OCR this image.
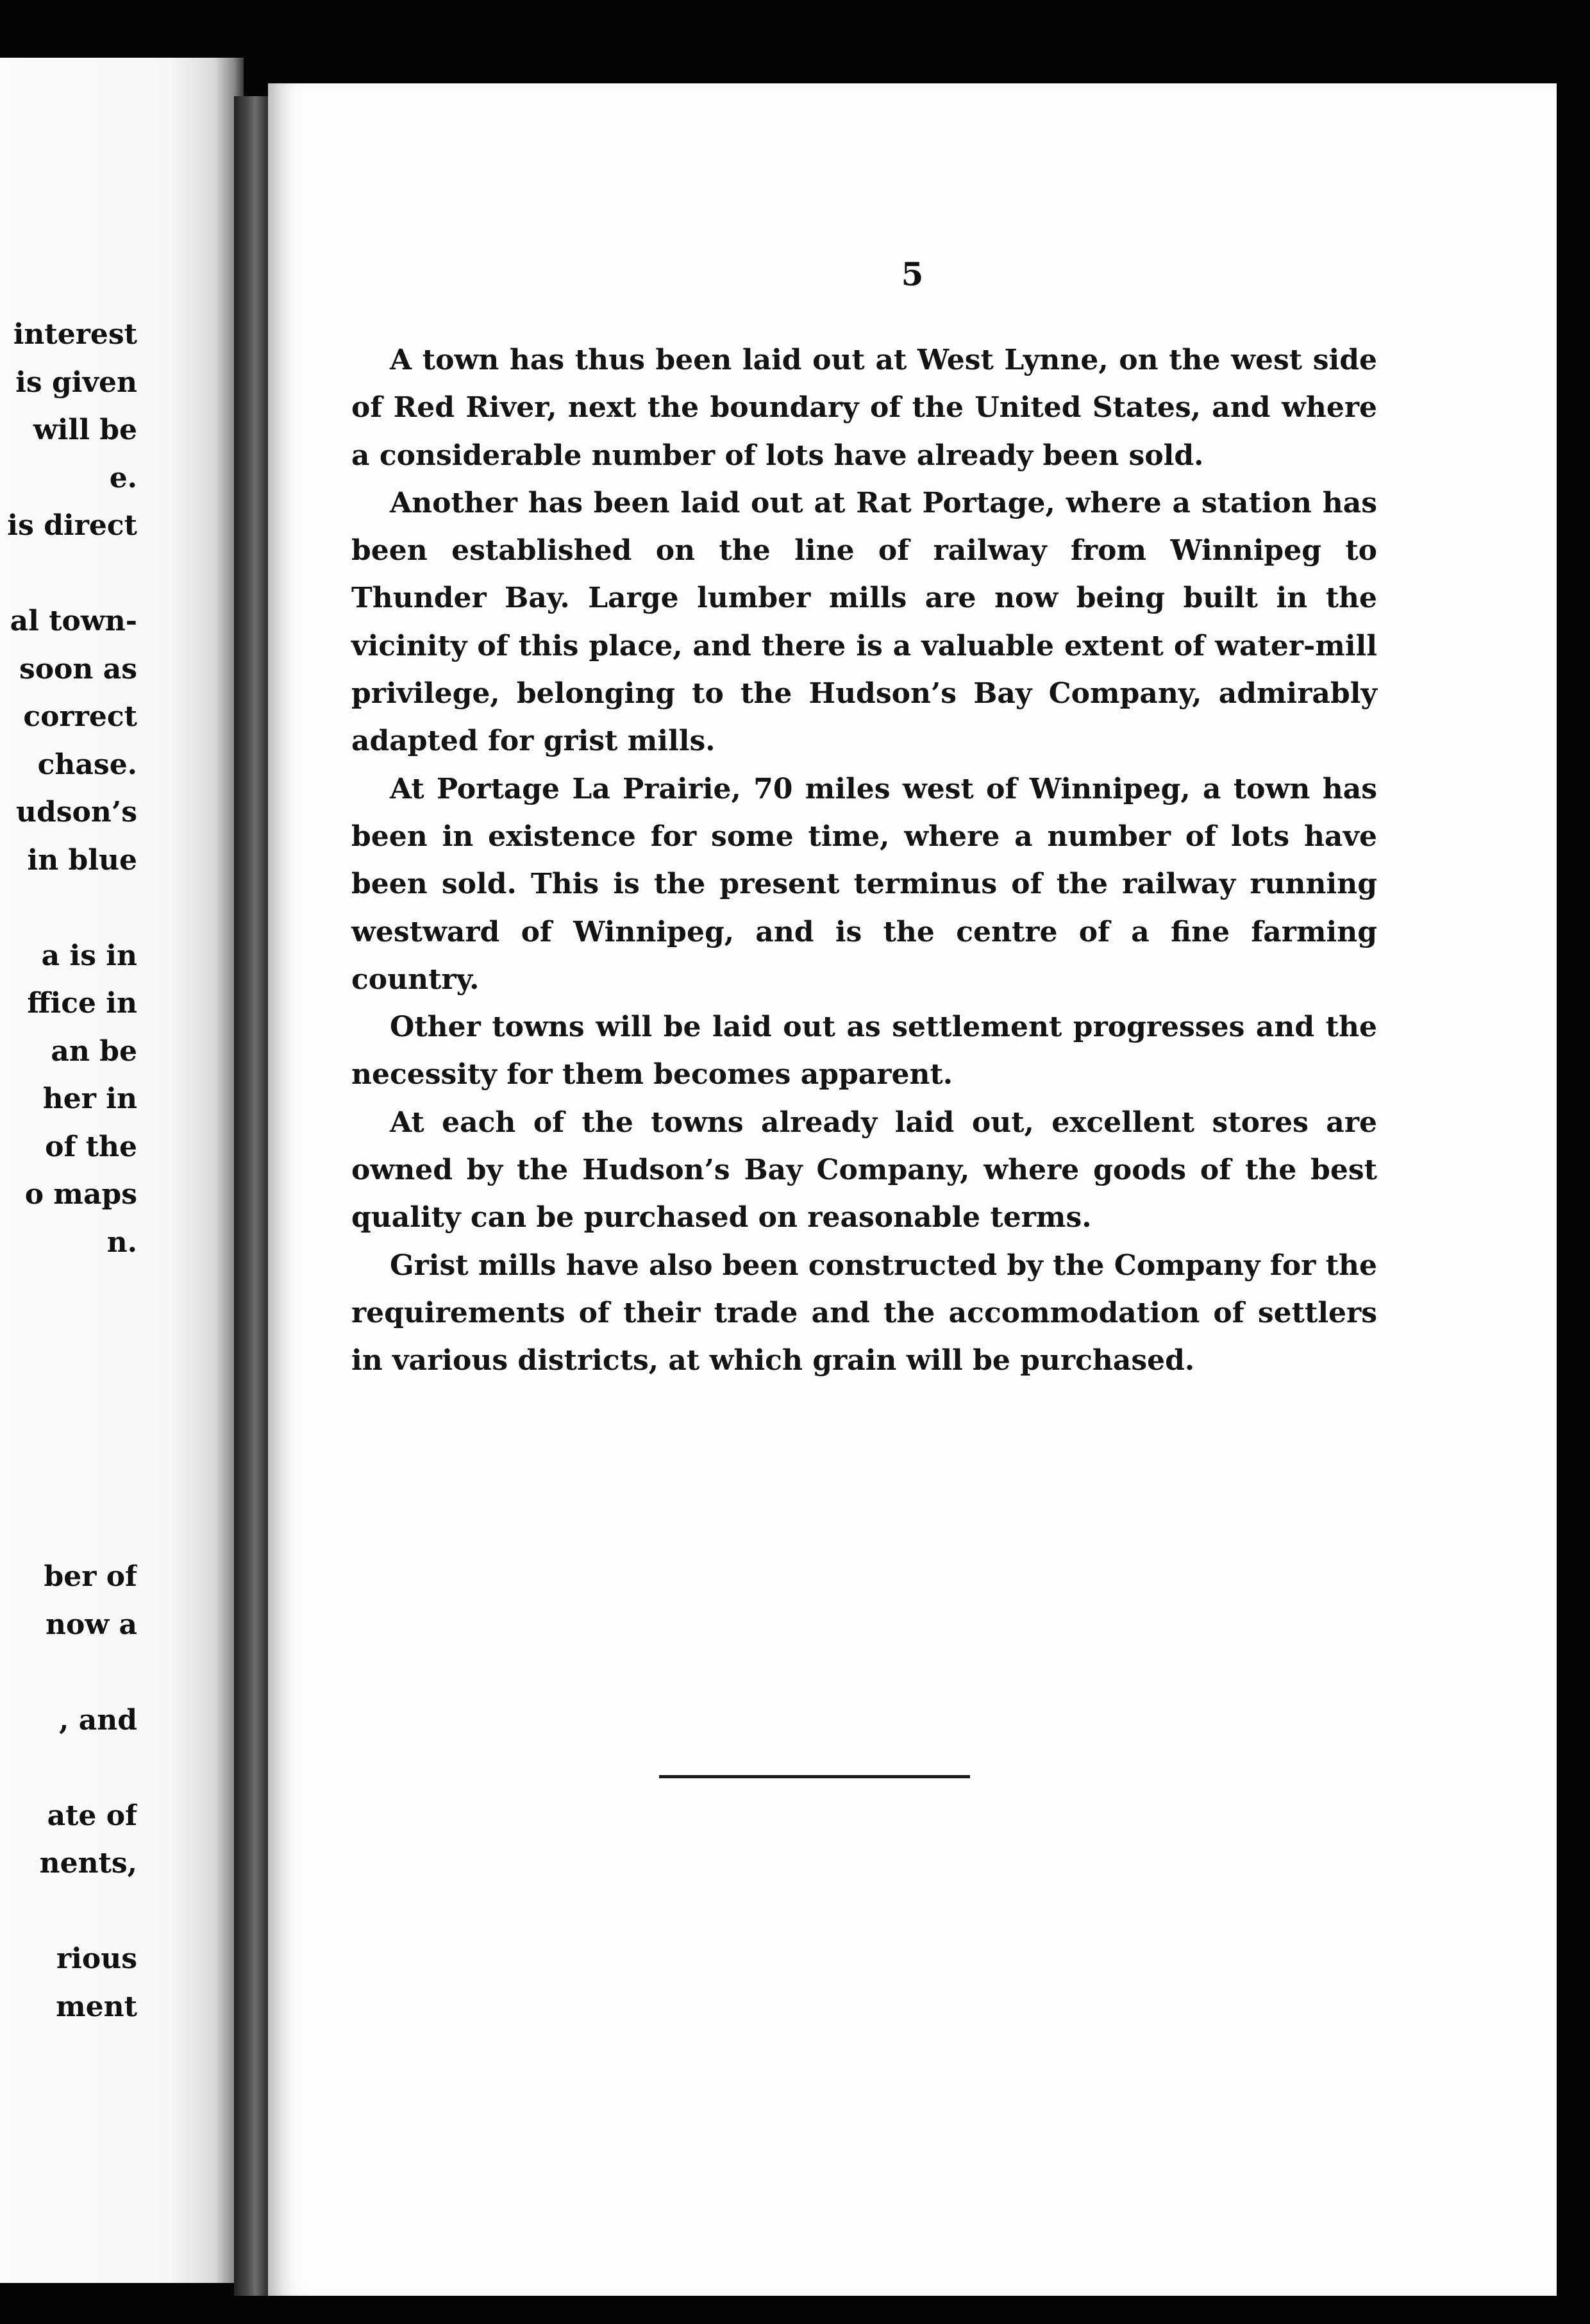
interest
is given
will be
e.
is direct
al town-
soon as
correct
chase.
udson’s
in blue
a is in
ffice in
an be
her in
of the
o maps
n.
ber of
now a
, and
ate of
nents,
rious
ment
5

A town has thus been laid out at West Lynne, on the west side of Red River, next the boundary of the United States, and where a considerable number of lots have already been sold.

Another has been laid out at Rat Portage, where a station has been established on the line of railway from Winnipeg to Thunder Bay. Large lumber mills are now being built in the vicinity of this place, and there is a valuable extent of water-mill privilege, belonging to the Hudson’s Bay Company, admirably adapted for grist mills.

At Portage La Prairie, 70 miles west of Winnipeg, a town has been in existence for some time, where a number of lots have been sold. This is the present terminus of the railway running westward of Winnipeg, and is the centre of a fine farming country.

Other towns will be laid out as settlement progresses and the necessity for them becomes apparent.

At each of the towns already laid out, excellent stores are owned by the Hudson’s Bay Company, where goods of the best quality can be purchased on reasonable terms.

Grist mills have also been constructed by the Company for the requirements of their trade and the accommodation of settlers in various districts, at which grain will be purchased.
